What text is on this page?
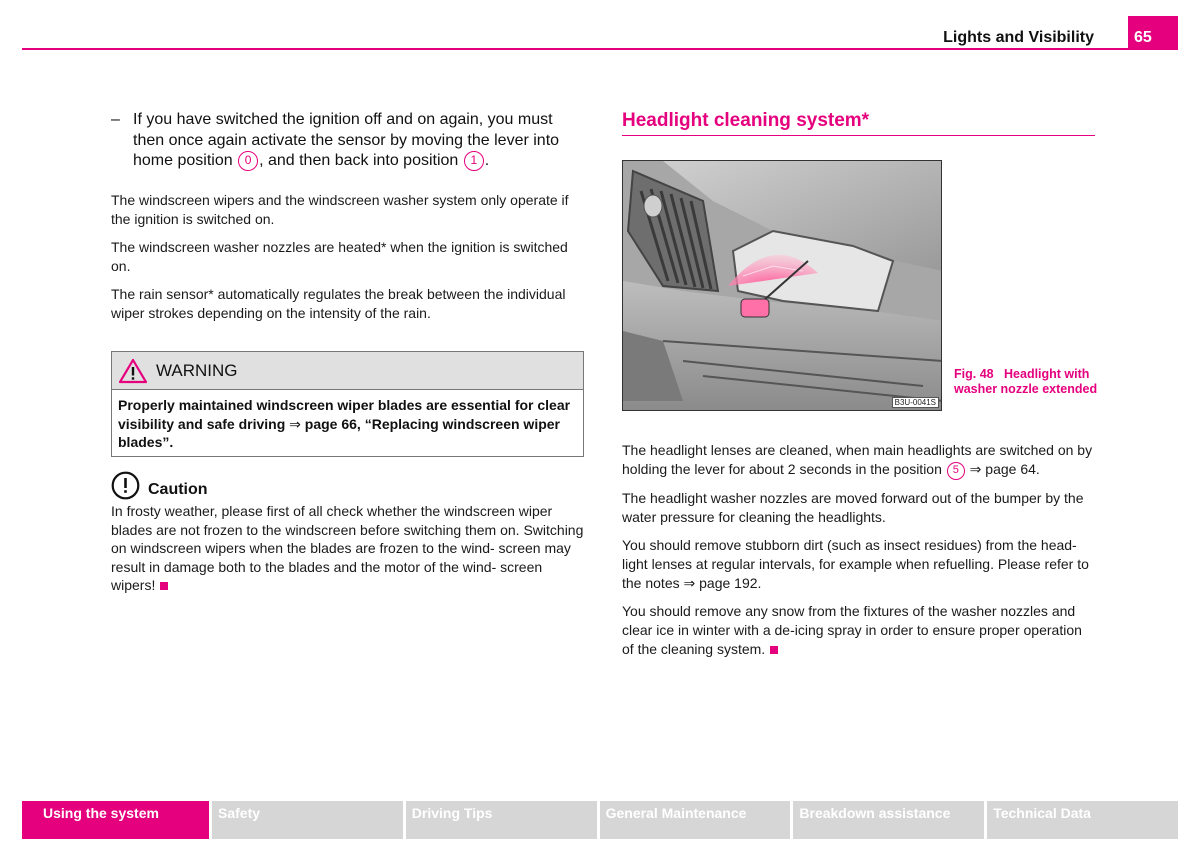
Lights and Visibility	65
– If you have switched the ignition off and on again, you must then once again activate the sensor by moving the lever into home position 0 , and then back into position 1 .

The windscreen wipers and the windscreen washer system only operate if the ignition is switched on.

The windscreen washer nozzles are heated* when the ignition is switched on.

The rain sensor* automatically regulates the break between the individual wiper strokes depending on the intensity of the rain.

WARNING
Properly maintained windscreen wiper blades are essential for clear visibility and safe driving ⇒ page 66, “Replacing windscreen wiper blades”.
Caution
In frosty weather, please first of all check whether the windscreen wiper blades are not frozen to the windscreen before switching them on. Switching on windscreen wipers when the blades are frozen to the wind- screen may result in damage both to the blades and the motor of the wind- screen wipers!
Headlight cleaning system*
B3U-0041S
Fig. 48 Headlight with washer nozzle extended

The headlight lenses are cleaned, when main headlights are switched on by holding the lever for about 2 seconds in the position 5 ⇒ page 64.

The headlight washer nozzles are moved forward out of the bumper by the water pressure for cleaning the headlights.

You should remove stubborn dirt (such as insect residues) from the head- light lenses at regular intervals, for example when refuelling. Please refer to the notes ⇒ page 192.

You should remove any snow from the fixtures of the washer nozzles and clear ice in winter with a de-icing spray in order to ensure proper operation of the cleaning system.

Using the system	Safety	Driving Tips	General Maintenance	Breakdown assistance	Technical Data
